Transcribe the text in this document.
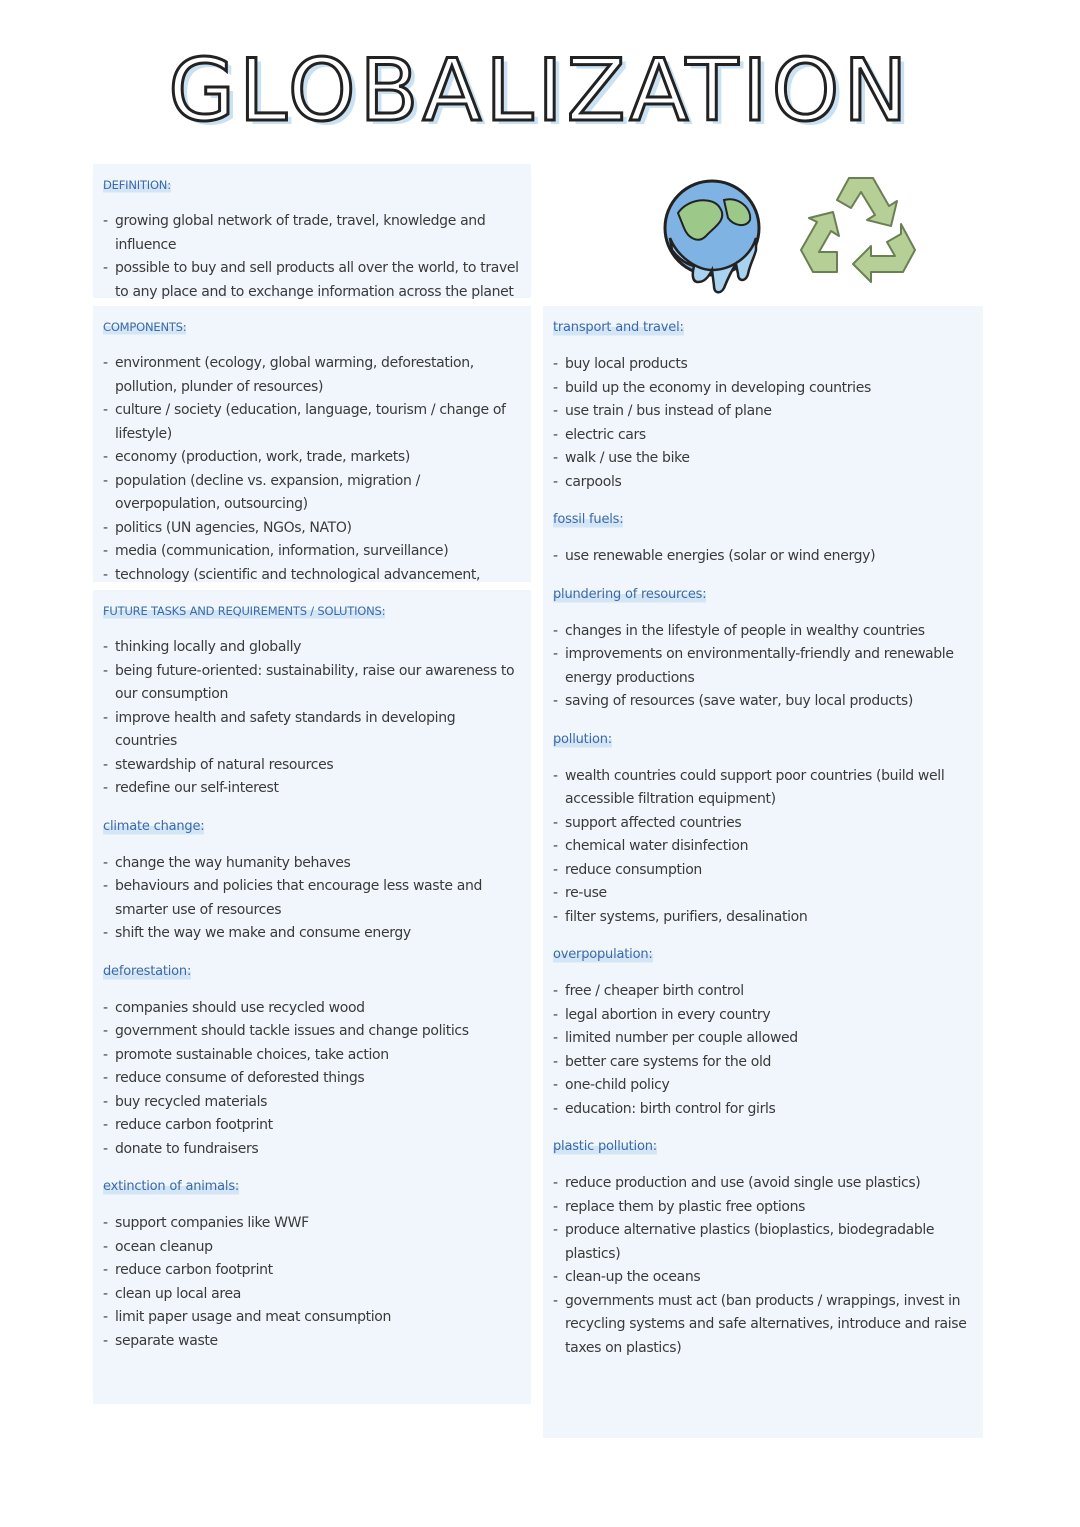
GLOBALIZATION
DEFINITION:
- growing global network of trade, travel, knowledge and influence
- possible to buy and sell products all over the world, to travel to any place and to exchange information across the planet
COMPONENTS:
- environment (ecology, global warming, deforestation, pollution, plunder of resources)
- culture / society (education, language, tourism / change of lifestyle)
- economy (production, work, trade, markets)
- population (decline vs. expansion, migration / overpopulation, outsourcing)
- politics (UN agencies, NGOs, NATO)
- media (communication, information, surveillance)
- technology (scientific and technological advancement,
FUTURE TASKS AND REQUIREMENTS / SOLUTIONS:
- thinking locally and globally
- being future-oriented: sustainability, raise our awareness to our consumption
- improve health and safety standards in developing countries
- stewardship of natural resources
- redefine our self-interest
climate change:
- change the way humanity behaves
- behaviours and policies that encourage less waste and smarter use of resources
- shift the way we make and consume energy
deforestation:
- companies should use recycled wood
- government should tackle issues and change politics
- promote sustainable choices, take action
- reduce consume of deforested things
- buy recycled materials
- reduce carbon footprint
- donate to fundraisers
extinction of animals:
- support companies like WWF
- ocean cleanup
- reduce carbon footprint
- clean up local area
- limit paper usage and meat consumption
- separate waste
transport and travel:
- buy local products
- build up the economy in developing countries
- use train / bus instead of plane
- electric cars
- walk / use the bike
- carpools
fossil fuels:
- use renewable energies (solar or wind energy)
plundering of resources:
- changes in the lifestyle of people in wealthy countries
- improvements on environmentally-friendly and renewable energy productions
- saving of resources (save water, buy local products)
pollution:
- wealth countries could support poor countries (build well accessible filtration equipment)
- support affected countries
- chemical water disinfection
- reduce consumption
- re-use
- filter systems, purifiers, desalination
overpopulation:
- free / cheaper birth control
- legal abortion in every country
- limited number per couple allowed
- better care systems for the old
- one-child policy
- education: birth control for girls
plastic pollution:
- reduce production and use (avoid single use plastics)
- replace them by plastic free options
- produce alternative plastics (bioplastics, biodegradable plastics)
- clean-up the oceans
- governments must act (ban products / wrappings, invest in recycling systems and safe alternatives, introduce and raise taxes on plastics)
